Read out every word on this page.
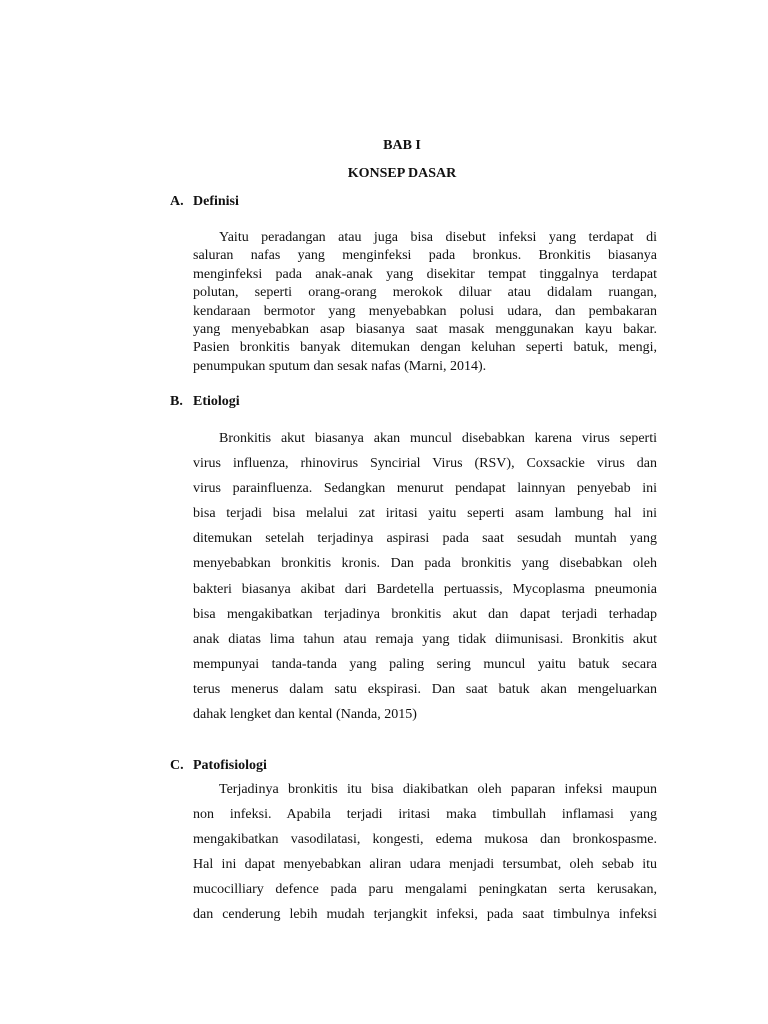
BAB I

KONSEP DASAR

A. Definisi

Yaitu peradangan atau juga bisa disebut infeksi yang terdapat di
saluran nafas yang menginfeksi pada bronkus. Bronkitis biasanya
menginfeksi pada anak-anak yang disekitar tempat tinggalnya terdapat
polutan, seperti orang-orang merokok diluar atau didalam ruangan,
kendaraan bermotor yang menyebabkan polusi udara, dan pembakaran
yang menyebabkan asap biasanya saat masak menggunakan kayu bakar.
Pasien bronkitis banyak ditemukan dengan keluhan seperti batuk, mengi,
penumpukan sputum dan sesak nafas (Marni, 2014).

B. Etiologi

Bronkitis akut biasanya akan muncul disebabkan karena virus seperti
virus influenza, rhinovirus Syncirial Virus (RSV), Coxsackie virus dan
virus parainfluenza. Sedangkan menurut pendapat lainnyan penyebab ini
bisa terjadi bisa melalui zat iritasi yaitu seperti asam lambung hal ini
ditemukan setelah terjadinya aspirasi pada saat sesudah muntah yang
menyebabkan bronkitis kronis. Dan pada bronkitis yang disebabkan oleh
bakteri biasanya akibat dari Bardetella pertuassis, Mycoplasma pneumonia
bisa mengakibatkan terjadinya bronkitis akut dan dapat terjadi terhadap
anak diatas lima tahun atau remaja yang tidak diimunisasi. Bronkitis akut
mempunyai tanda-tanda yang paling sering muncul yaitu batuk secara
terus menerus dalam satu ekspirasi. Dan saat batuk akan mengeluarkan
dahak lengket dan kental (Nanda, 2015)

C. Patofisiologi

Terjadinya bronkitis itu bisa diakibatkan oleh paparan infeksi maupun
non infeksi. Apabila terjadi iritasi maka timbullah inflamasi yang
mengakibatkan vasodilatasi, kongesti, edema mukosa dan bronkospasme.
Hal ini dapat menyebabkan aliran udara menjadi tersumbat, oleh sebab itu
mucocilliary defence pada paru mengalami peningkatan serta kerusakan,
dan cenderung lebih mudah terjangkit infeksi, pada saat timbulnya infeksi
